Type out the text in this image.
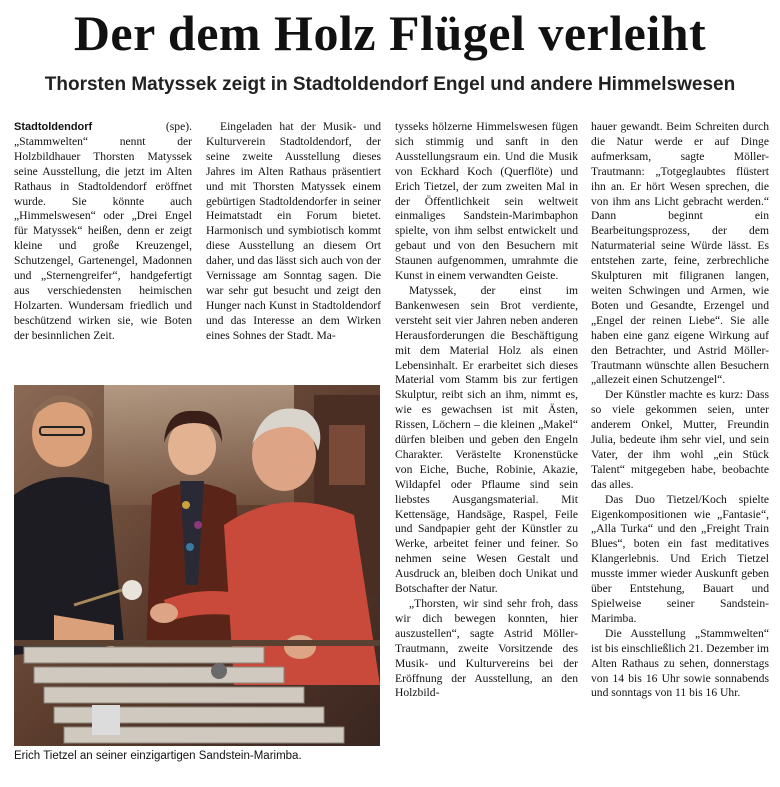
Der dem Holz Flügel verleiht
Thorsten Matyssek zeigt in Stadtoldendorf Engel und andere Himmelswesen

Stadtoldendorf	(spe). „Stammwelten“ nennt der Holzbildhauer Thorsten Matyssek seine Ausstellung, die jetzt im Alten Rathaus in Stadtoldendorf eröffnet wurde. Sie könnte auch „Himmelswesen“ oder „Drei Engel für Matyssek“ heißen, denn er zeigt kleine und große Kreuzengel, Schutzengel, Gartenengel, Madonnen und „Sternengreifer“, handgefertigt aus verschiedensten heimischen Holzarten. Wundersam friedlich und beschützend wirken sie, wie Boten der besinnlichen Zeit.

Eingeladen hat der Musik- und Kulturverein Stadtoldendorf, der seine zweite Ausstellung dieses Jahres im Alten Rathaus präsentiert und mit Thorsten Matyssek einem gebürtigen Stadtoldendorfer in seiner Heimatstadt ein Forum bietet. Harmonisch und symbiotisch kommt diese Ausstellung an diesem Ort daher, und das lässt sich auch von der Vernissage am Sonntag sagen. Die war sehr gut besucht und zeigt den Hunger nach Kunst in Stadtoldendorf und das Interesse an dem Wirken eines Sohnes der Stadt. Ma-

tysseks hölzerne Himmelswesen fügen sich stimmig und sanft in den Ausstellungsraum ein. Und die Musik von Eckhard Koch (Querflöte) und Erich Tietzel, der zum zweiten Mal in der Öffentlichkeit sein weltweit einmaliges Sandstein-Marimbaphon spielte, von ihm selbst entwickelt und gebaut und von den Besuchern mit Staunen aufgenommen, umrahmte die Kunst in einem verwandten Geiste.

Matyssek, der einst im Bankenwesen sein Brot verdiente, versteht seit vier Jahren neben anderen Herausforderungen die Beschäftigung mit dem Material Holz als einen Lebensinhalt. Er erarbeitet sich dieses Material vom Stamm bis zur fertigen Skulptur, reibt sich an ihm, nimmt es, wie es gewachsen ist mit Ästen, Rissen, Löchern – die kleinen „Makel“ dürfen bleiben und geben den Engeln Charakter. Verästelte Kronenstücke von Eiche, Buche, Robinie, Akazie, Wildapfel oder Pflaume sind sein liebstes Ausgangsmaterial. Mit Kettensäge, Handsäge, Raspel, Feile und Sandpapier geht der Künstler zu Werke, arbeitet feiner und feiner. So nehmen seine Wesen Gestalt und Ausdruck an, bleiben doch Unikat und Botschafter der Natur.

„Thorsten, wir sind sehr froh, dass wir dich bewegen konnten, hier auszustellen“, sagte Astrid Möller-Trautmann, zweite Vorsitzende des Musik- und Kulturvereins bei der Eröffnung der Ausstellung, an den Holzbild-

hauer gewandt. Beim Schreiten durch die Natur werde er auf Dinge aufmerksam, sagte Möller-Trautmann: „Totgeglaubtes flüstert ihn an. Er hört Wesen sprechen, die von ihm ans Licht gebracht werden.“ Dann beginnt ein Bearbeitungsprozess, der dem Naturmaterial seine Würde lässt. Es entstehen zarte, feine, zerbrechliche Skulpturen mit filigranen langen, weiten Schwingen und Armen, wie Boten und Gesandte, Erzengel und „Engel der reinen Liebe“. Sie alle haben eine ganz eigene Wirkung auf den Betrachter, und Astrid Möller-Trautmann wünschte allen Besuchern „allezeit einen Schutzengel“.

Der Künstler machte es kurz: Dass so viele gekommen seien, unter anderem Onkel, Mutter, Freundin Julia, bedeute ihm sehr viel, und sein Vater, der ihm wohl „ein Stück Talent“ mitgegeben habe, beobachte das alles.

Das Duo Tietzel/Koch spielte Eigenkompositionen wie „Fantasie“, „Alla Turka“ und den „Freight Train Blues“, boten ein fast meditatives Klangerlebnis. Und Erich Tietzel musste immer wieder Auskunft geben über Entstehung, Bauart und Spielweise seiner Sandstein-Marimba.

Die Ausstellung „Stammwelten“ ist bis einschließlich 21. Dezember im Alten Rathaus zu sehen, donnerstags von 14 bis 16 Uhr sowie sonnabends und sonntags von 11 bis 16 Uhr.

Erich Tietzel an seiner einzigartigen Sandstein-Marimba.
